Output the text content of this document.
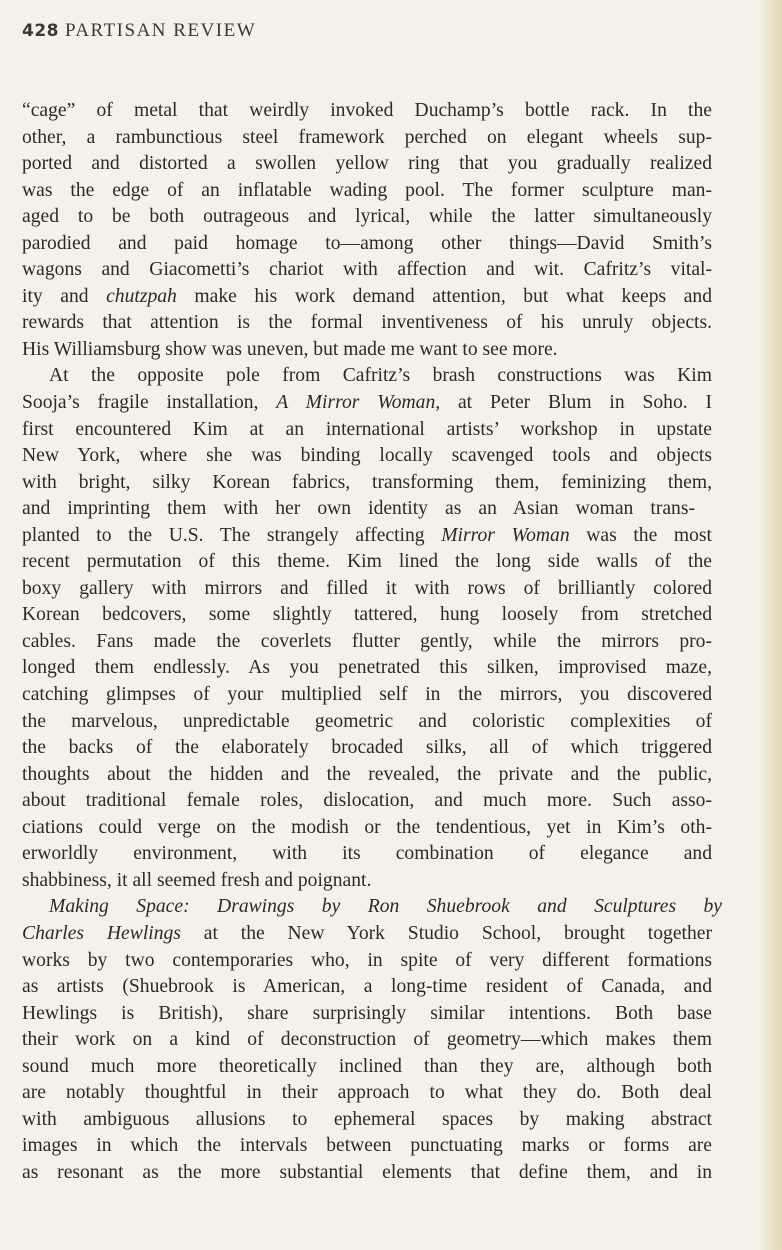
428 PARTISAN REVIEW
“cage” of metal that weirdly invoked Duchamp’s bottle rack. In the
other, a rambunctious steel framework perched on elegant wheels sup-
ported and distorted a swollen yellow ring that you gradually realized
was the edge of an inflatable wading pool. The former sculpture man-
aged to be both outrageous and lyrical, while the latter simultaneously
parodied and paid homage to—among other things—David Smith’s
wagons and Giacometti’s chariot with affection and wit. Cafritz’s vital-
ity and chutzpah make his work demand attention, but what keeps and
rewards that attention is the formal inventiveness of his unruly objects.
His Williamsburg show was uneven, but made me want to see more.
At the opposite pole from Cafritz’s brash constructions was Kim
Sooja’s fragile installation, A Mirror Woman, at Peter Blum in Soho. I
first encountered Kim at an international artists’ workshop in upstate
New York, where she was binding locally scavenged tools and objects
with bright, silky Korean fabrics, transforming them, feminizing them,
and imprinting them with her own identity as an Asian woman trans-
planted to the U.S. The strangely affecting Mirror Woman was the most
recent permutation of this theme. Kim lined the long side walls of the
boxy gallery with mirrors and filled it with rows of brilliantly colored
Korean bedcovers, some slightly tattered, hung loosely from stretched
cables. Fans made the coverlets flutter gently, while the mirrors pro-
longed them endlessly. As you penetrated this silken, improvised maze,
catching glimpses of your multiplied self in the mirrors, you discovered
the marvelous, unpredictable geometric and coloristic complexities of
the backs of the elaborately brocaded silks, all of which triggered
thoughts about the hidden and the revealed, the private and the public,
about traditional female roles, dislocation, and much more. Such asso-
ciations could verge on the modish or the tendentious, yet in Kim’s oth-
erworldly environment, with its combination of elegance and
shabbiness, it all seemed fresh and poignant.
Making Space: Drawings by Ron Shuebrook and Sculptures by
Charles Hewlings at the New York Studio School, brought together
works by two contemporaries who, in spite of very different formations
as artists (Shuebrook is American, a long-time resident of Canada, and
Hewlings is British), share surprisingly similar intentions. Both base
their work on a kind of deconstruction of geometry—which makes them
sound much more theoretically inclined than they are, although both
are notably thoughtful in their approach to what they do. Both deal
with ambiguous allusions to ephemeral spaces by making abstract
images in which the intervals between punctuating marks or forms are
as resonant as the more substantial elements that define them, and in
